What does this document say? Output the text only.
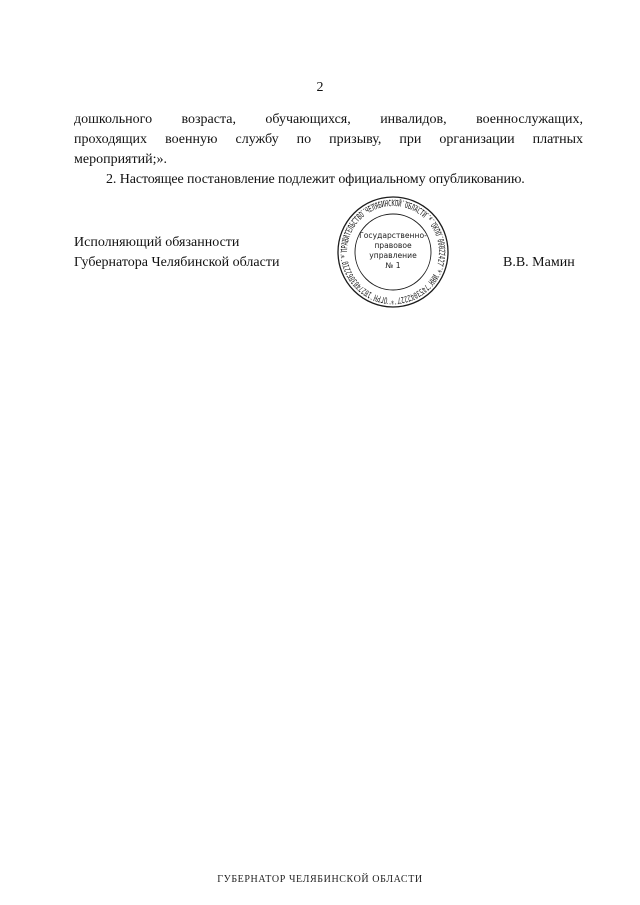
2

дошкольного возраста, обучающихся, инвалидов, военнослужащих,
проходящих военную службу по призыву, при организации платных
мероприятий;».

2. Настоящее постановление подлежит официальному опубликованию.

Исполняющий обязанности
Губернатора Челябинской области
ПРАВИТЕЛЬСТВО ЧЕЛЯБИНСКОЙ ОБЛАСТИ * ОКПО 00022427 * ИНН 7453042227 * ОГРН 1027403862210 *
Государственно-
правовое
управление
№ 1	В.В. Мамин
ГУБЕРНАТОР ЧЕЛЯБИНСКОЙ ОБЛАСТИ
